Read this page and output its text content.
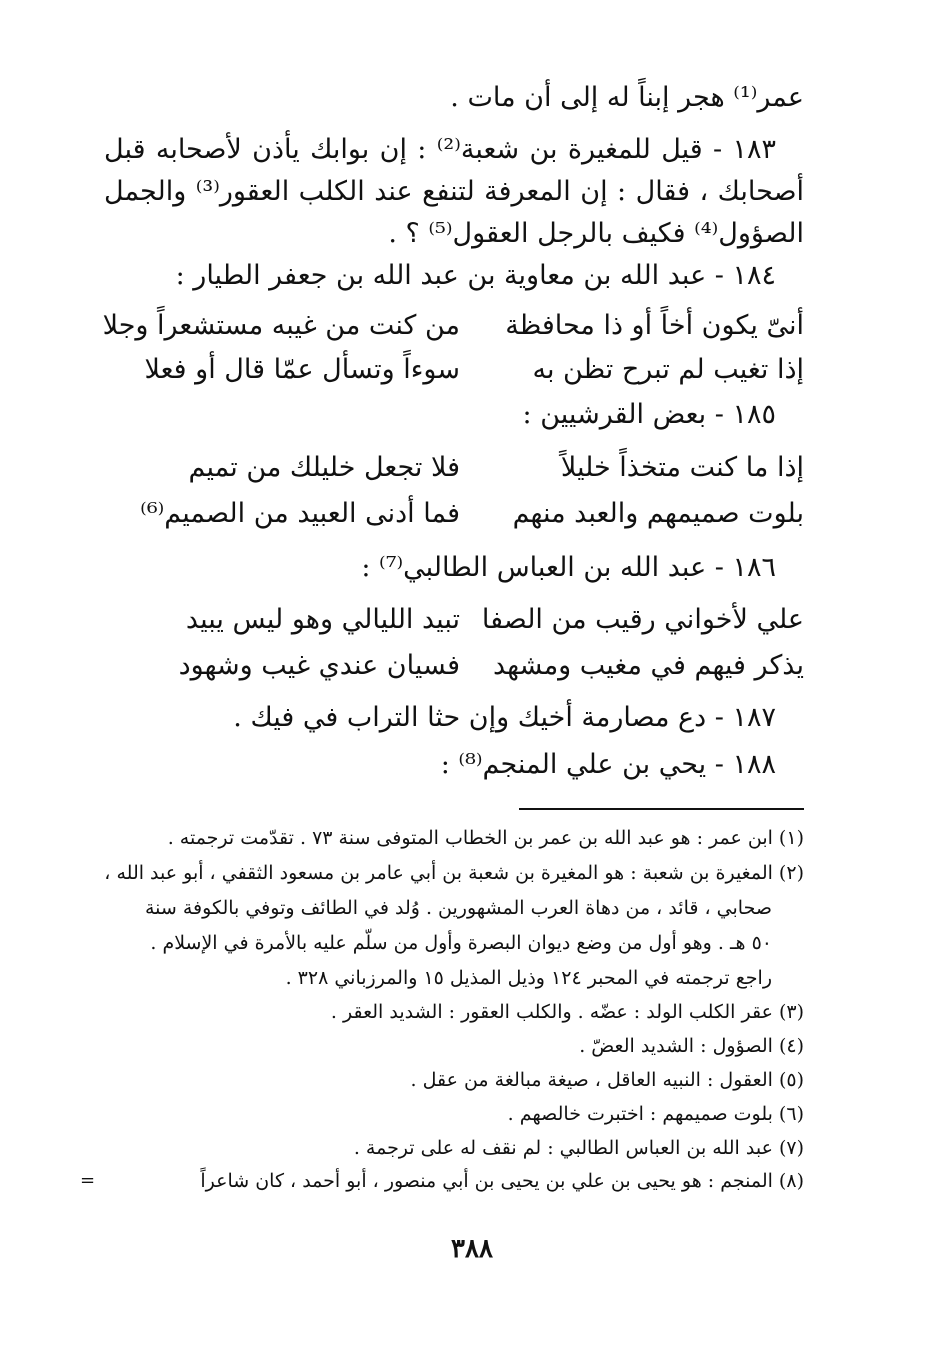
عمر⁽¹⁾ هجر إبناً له إلى أن مات .
١٨٣ - قيل للمغيرة بن شعبة⁽²⁾ : إن بوابك يأذن لأصحابه قبل
أصحابك ، فقال : إن المعرفة لتنفع عند الكلب العقور⁽³⁾ والجمل
الصؤول⁽⁴⁾ فكيف بالرجل العقول⁽⁵⁾ ؟ .
١٨٤ - عبد الله بن معاوية بن عبد الله بن جعفر الطيار :
أنىّ يكون أخاً أو ذا محافظة
من كنت من غيبه مستشعراً وجلا
إذا تغيب لم تبرح تظن به
سوءاً وتسأل عمّا قال أو فعلا
١٨٥ - بعض القرشيين :
إذا ما كنت متخذاً خليلاً
فلا تجعل خليلك من تميم
بلوت صميمهم والعبد منهم
فما أدنى العبيد من الصميم⁽⁶⁾
١٨٦ - عبد الله بن العباس الطالبي⁽⁷⁾ :
علي لأخواني رقيب من الصفا
تبيد الليالي وهو ليس يبيد
يذكر فيهم في مغيب ومشهد
فسيان عندي غيب وشهود
١٨٧ - دع مصارمة أخيك وإن حثا التراب في فيك .
١٨٨ - يحي بن علي المنجم⁽⁸⁾ :
(١) ابن عمر : هو عبد الله بن عمر بن الخطاب المتوفى سنة ٧٣ . تقدّمت ترجمته .
(٢) المغيرة بن شعبة : هو المغيرة بن شعبة بن أبي عامر بن مسعود الثقفي ، أبو عبد الله ،
صحابي ، قائد ، من دهاة العرب المشهورين . وُلد في الطائف وتوفي بالكوفة سنة
٥٠ هـ . وهو أول من وضع ديوان البصرة وأول من سلّم عليه بالأمرة في الإسلام .
راجع ترجمته في المحبر ١٢٤ وذيل المذيل ١٥ والمرزباني ٣٢٨ .
(٣) عقر الكلب الولد : عضّه . والكلب العقور : الشديد العقر .
(٤) الصؤول : الشديد العضّ .
(٥) العقول : النبيه العاقل ، صيغة مبالغة من عقل .
(٦) بلوت صميمهم : اختبرت خالصهم .
(٧) عبد الله بن العباس الطالبي : لم نقف له على ترجمة .
(٨) المنجم : هو يحيى بن علي بن يحيى بن أبي منصور ، أبو أحمد ، كان شاعراً
=
٣٨٨
